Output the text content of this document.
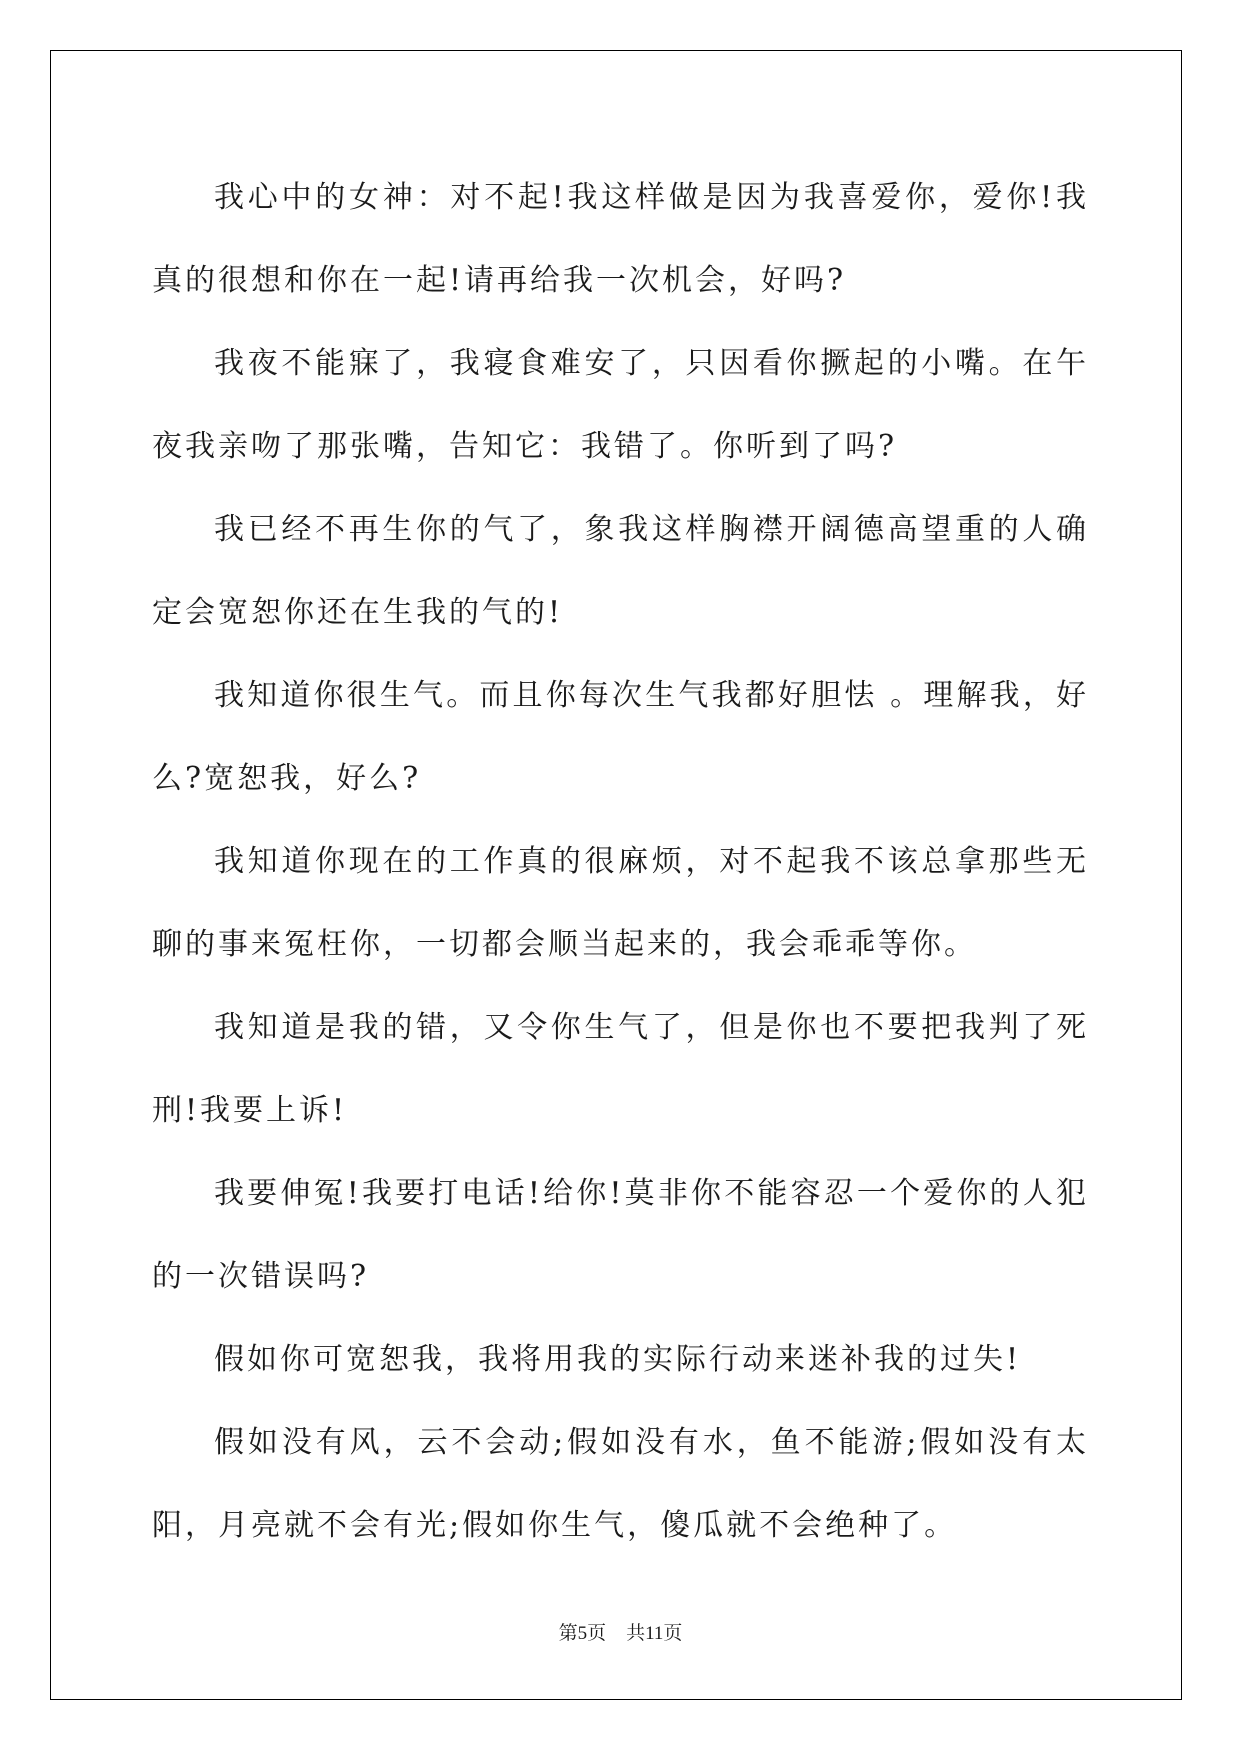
我心中的女神：对不起!我这样做是因为我喜爱你，爱你!我真的很想和你在一起!请再给我一次机会，好吗?

我夜不能寐了，我寝食难安了，只因看你撅起的小嘴。在午夜我亲吻了那张嘴，告知它：我错了。你听到了吗?

我已经不再生你的气了，象我这样胸襟开阔德高望重的人确定会宽恕你还在生我的气的!

我知道你很生气。而且你每次生气我都好胆怯 。理解我，好么?宽恕我，好么?

我知道你现在的工作真的很麻烦，对不起我不该总拿那些无聊的事来冤枉你，一切都会顺当起来的，我会乖乖等你。

我知道是我的错，又令你生气了，但是你也不要把我判了死刑!我要上诉!

我要伸冤!我要打电话!给你!莫非你不能容忍一个爱你的人犯的一次错误吗?

假如你可宽恕我，我将用我的实际行动来迷补我的过失!

假如没有风，云不会动;假如没有水，鱼不能游;假如没有太阳，月亮就不会有光;假如你生气，傻瓜就不会绝种了。

第5页 共11页
